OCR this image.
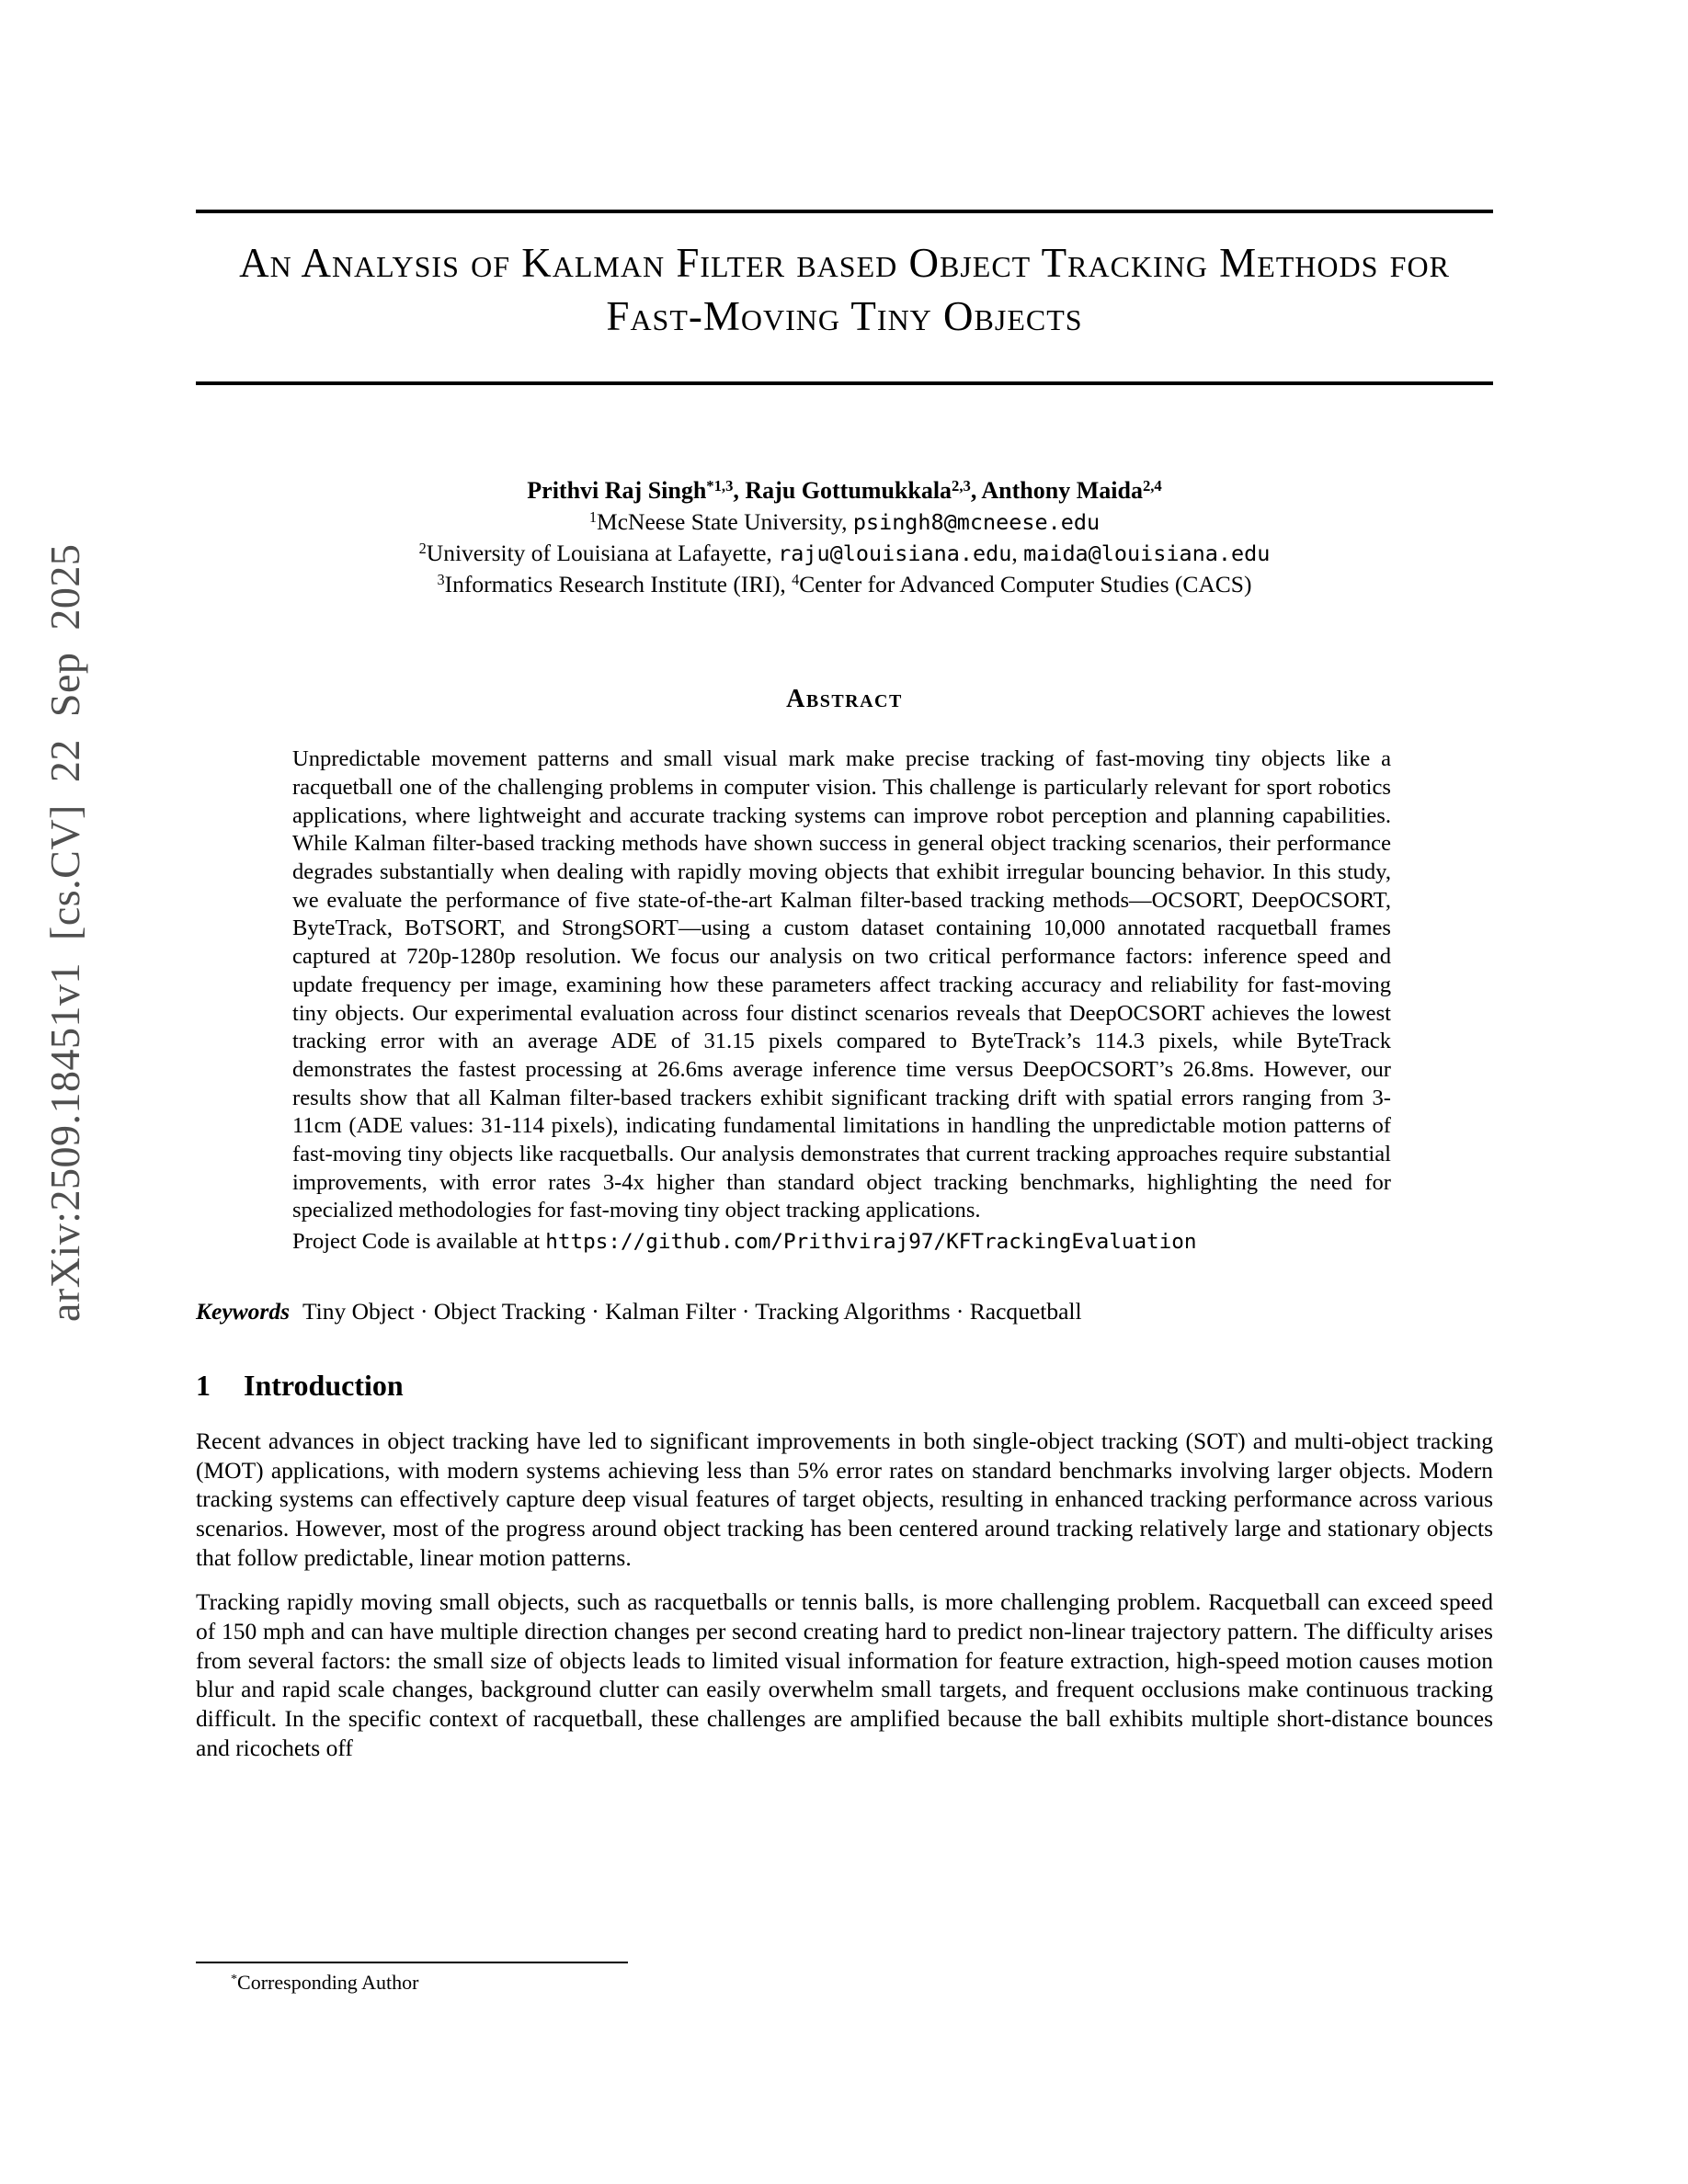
arXiv:2509.18451v1 [cs.CV] 22 Sep 2025
An Analysis of Kalman Filter based Object Tracking Methods for Fast-Moving Tiny Objects
Prithvi Raj Singh$^{*1,3}$, Raju Gottumukkala$^{2,3}$, Anthony Maida$^{2,4}$
$^1$McNeese State University, psingh8@mcneese.edu
$^2$University of Louisiana at Lafayette, raju@louisiana.edu, maida@louisiana.edu
$^3$Informatics Research Institute (IRI), $^4$Center for Advanced Computer Studies (CACS)
Abstract

Unpredictable movement patterns and small visual mark make precise tracking of fast-moving tiny objects like a racquetball one of the challenging problems in computer vision. This challenge is particularly relevant for sport robotics applications, where lightweight and accurate tracking systems can improve robot perception and planning capabilities. While Kalman filter-based tracking methods have shown success in general object tracking scenarios, their performance degrades substantially when dealing with rapidly moving objects that exhibit irregular bouncing behavior. In this study, we evaluate the performance of five state-of-the-art Kalman filter-based tracking methods—OCSORT, DeepOCSORT, ByteTrack, BoTSORT, and StrongSORT—using a custom dataset containing 10,000 annotated racquetball frames captured at 720p-1280p resolution. We focus our analysis on two critical performance factors: inference speed and update frequency per image, examining how these parameters affect tracking accuracy and reliability for fast-moving tiny objects. Our experimental evaluation across four distinct scenarios reveals that DeepOCSORT achieves the lowest tracking error with an average ADE of 31.15 pixels compared to ByteTrack’s 114.3 pixels, while ByteTrack demonstrates the fastest processing at 26.6ms average inference time versus DeepOCSORT’s 26.8ms. However, our results show that all Kalman filter-based trackers exhibit significant tracking drift with spatial errors ranging from 3-11cm (ADE values: 31-114 pixels), indicating fundamental limitations in handling the unpredictable motion patterns of fast-moving tiny objects like racquetballs. Our analysis demonstrates that current tracking approaches require substantial improvements, with error rates 3-4x higher than standard object tracking benchmarks, highlighting the need for specialized methodologies for fast-moving tiny object tracking applications.

Project Code is available at https://github.com/Prithviraj97/KFTrackingEvaluation

Keywords Tiny Object · Object Tracking · Kalman Filter · Tracking Algorithms · Racquetball

1 Introduction

Recent advances in object tracking have led to significant improvements in both single-object tracking (SOT) and multi-object tracking (MOT) applications, with modern systems achieving less than 5% error rates on standard benchmarks involving larger objects. Modern tracking systems can effectively capture deep visual features of target objects, resulting in enhanced tracking performance across various scenarios. However, most of the progress around object tracking has been centered around tracking relatively large and stationary objects that follow predictable, linear motion patterns.

Tracking rapidly moving small objects, such as racquetballs or tennis balls, is more challenging problem. Racquetball can exceed speed of 150 mph and can have multiple direction changes per second creating hard to predict non-linear trajectory pattern. The difficulty arises from several factors: the small size of objects leads to limited visual information for feature extraction, high-speed motion causes motion blur and rapid scale changes, background clutter can easily overwhelm small targets, and frequent occlusions make continuous tracking difficult. In the specific context of racquetball, these challenges are amplified because the ball exhibits multiple short-distance bounces and ricochets off

*Corresponding Author
